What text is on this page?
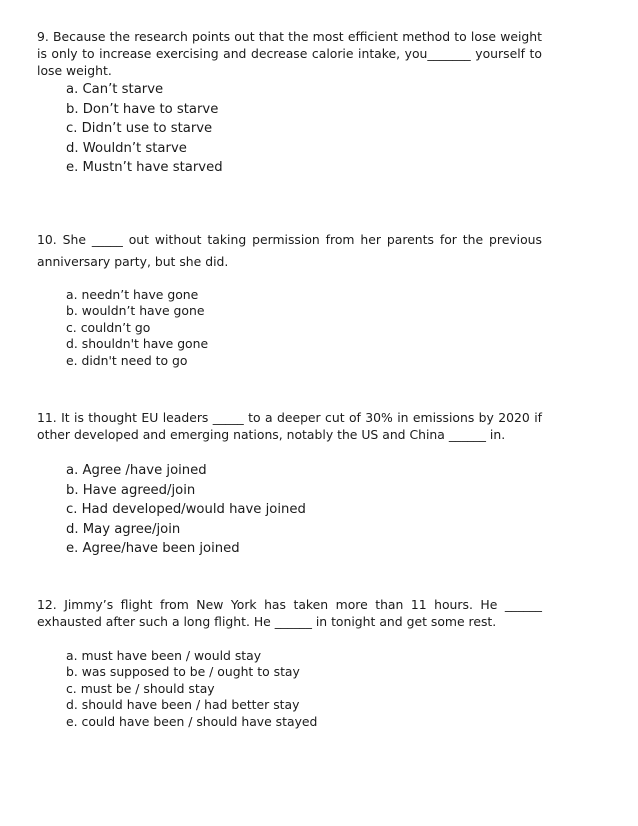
9. Because the research points out that the most efficient method to lose weight is only to increase exercising and decrease calorie intake, you_______ yourself to lose weight.
a. Can’t starve
b. Don’t have to starve
c. Didn’t use to starve
d. Wouldn’t starve
e. Mustn’t have starved
10. She _____ out without taking permission from her parents for the previous anniversary party, but she did.
a. needn’t have gone
b. wouldn’t have gone
c. couldn’t go
d. shouldn't have gone
e. didn't need to go
11. It is thought EU leaders _____ to a deeper cut of 30% in emissions by 2020 if other developed and emerging nations, notably the US and China ______ in.
a. Agree /have joined
b. Have agreed/join
c. Had developed/would have joined
d. May agree/join
e. Agree/have been joined
12. Jimmy’s flight from New York has taken more than 11 hours. He ______ exhausted after such a long flight. He ______ in tonight and get some rest.
a. must have been / would stay
b. was supposed to be / ought to stay
c. must be / should stay
d. should have been / had better stay
e. could have been / should have stayed
